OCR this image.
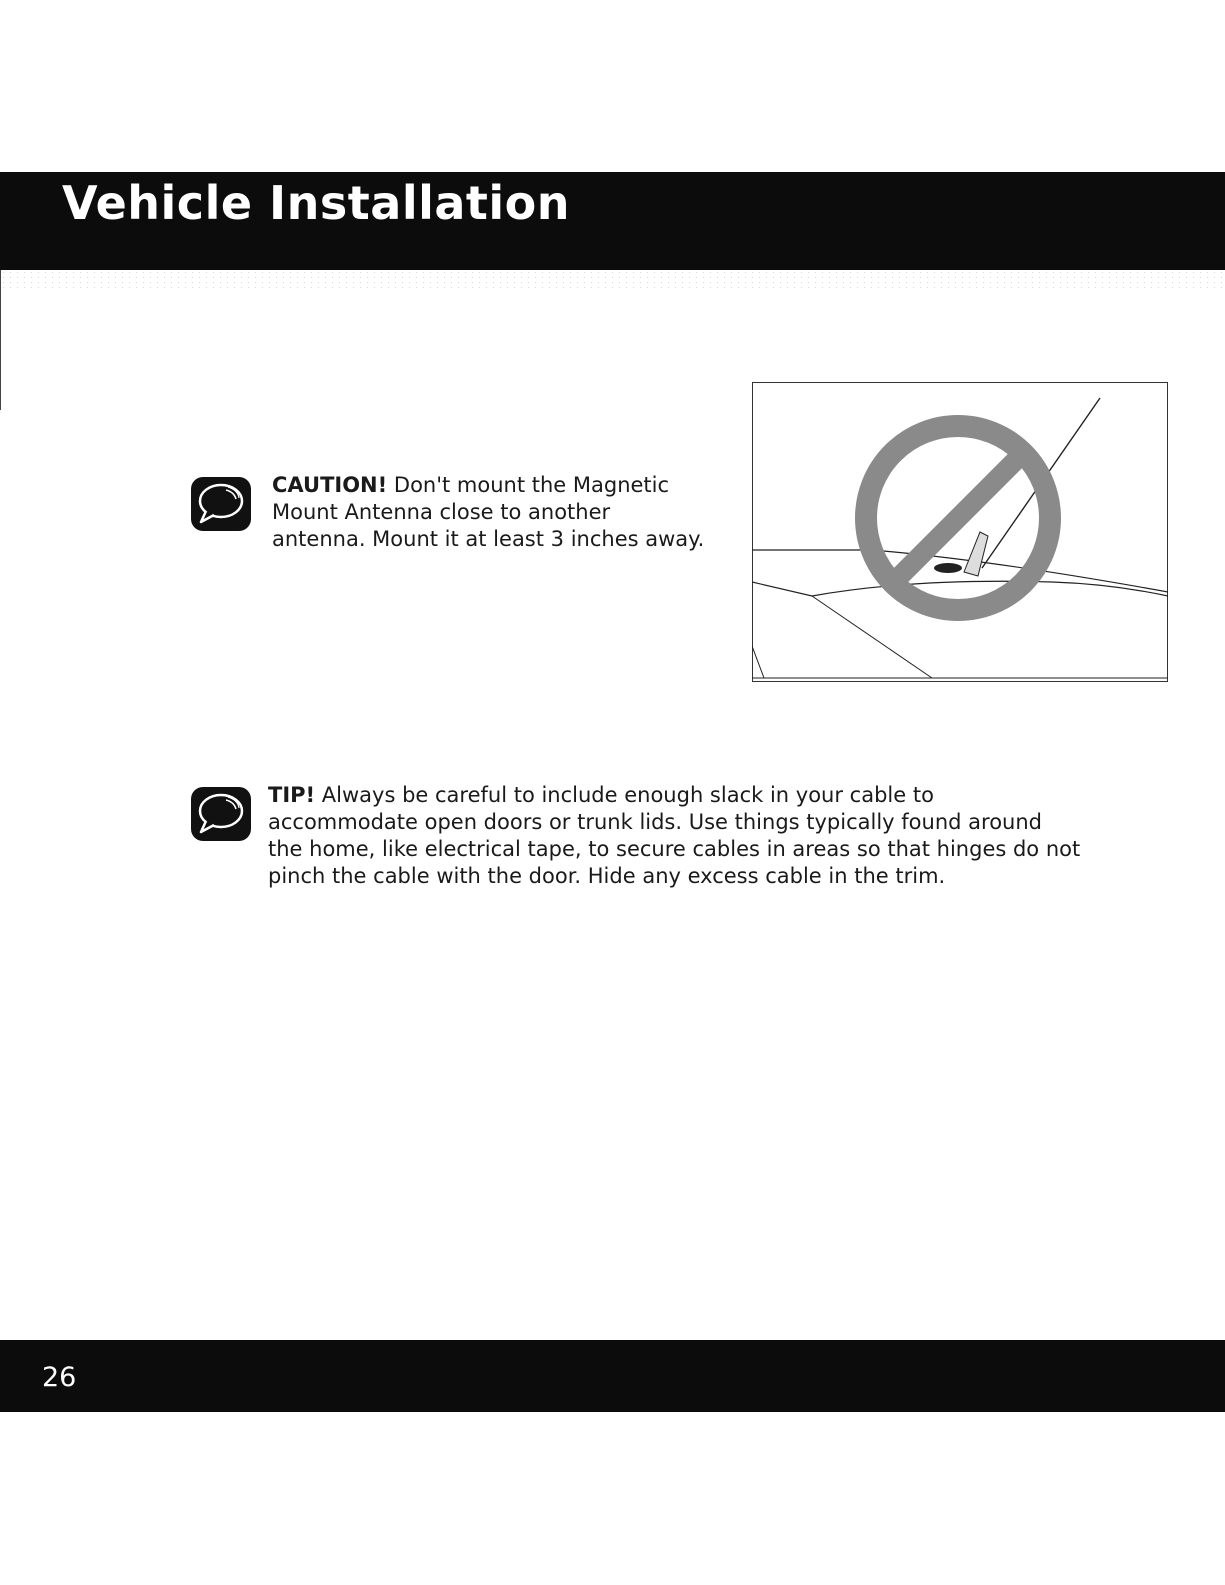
Vehicle Installation
CAUTION! Don't mount the Magnetic
Mount Antenna close to another
antenna. Mount it at least 3 inches away.
TIP! Always be careful to include enough slack in your cable to
accommodate open doors or trunk lids. Use things typically found around
the home, like electrical tape, to secure cables in areas so that hinges do not
pinch the cable with the door. Hide any excess cable in the trim.
26
